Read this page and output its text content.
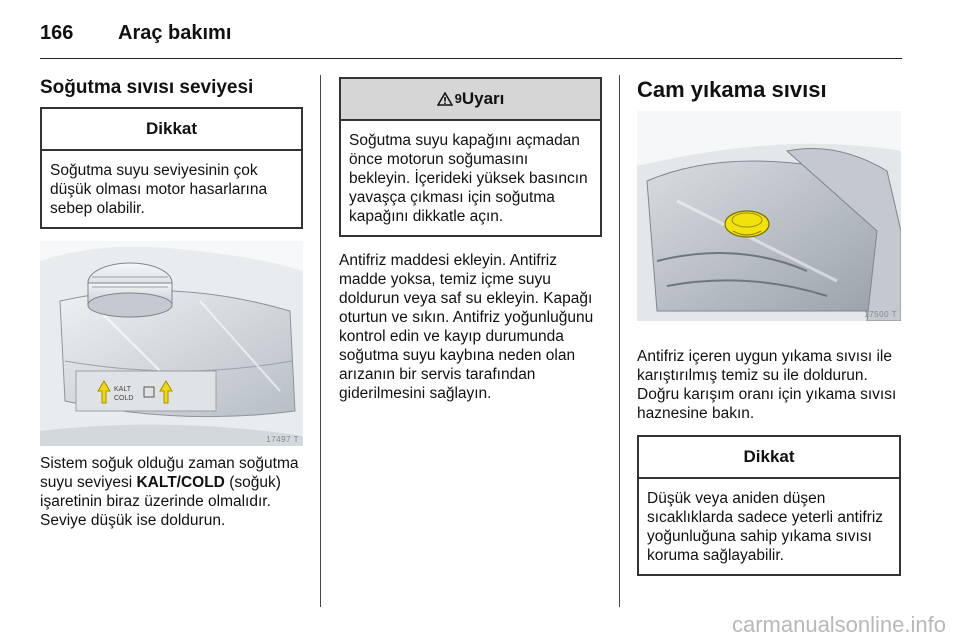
166 Araç bakımı
Soğutma sıvısı seviyesi
Dikkat
Soğutma suyu seviyesinin çok düşük olması motor hasarlarına sebep olabilir.
KALT
COLD
17497 T

Sistem soğuk olduğu zaman soğutma suyu seviyesi KALT/COLD (soğuk) işaretinin biraz üzerinde olmalıdır. Seviye düşük ise doldurun.

9Uyarı
Soğutma suyu kapağını açmadan önce motorun soğumasını bekleyin. İçerideki yüksek basıncın yavaşça çıkması için soğutma kapağını dikkatle açın.

Antifriz maddesi ekleyin. Antifriz madde yoksa, temiz içme suyu doldurun veya saf su ekleyin. Kapağı oturtun ve sıkın. Antifriz yoğunluğunu kontrol edin ve kayıp durumunda soğutma suyu kaybına neden olan arızanın bir servis tarafından giderilmesini sağlayın.

Cam yıkama sıvısı
17500 T

Antifriz içeren uygun yıkama sıvısı ile karıştırılmış temiz su ile doldurun. Doğru karışım oranı için yıkama sıvısı haznesine bakın.

Dikkat
Düşük veya aniden düşen sıcaklıklarda sadece yeterli antifriz yoğunluğuna sahip yıkama sıvısı koruma sağlayabilir.
carmanualsonline.info
